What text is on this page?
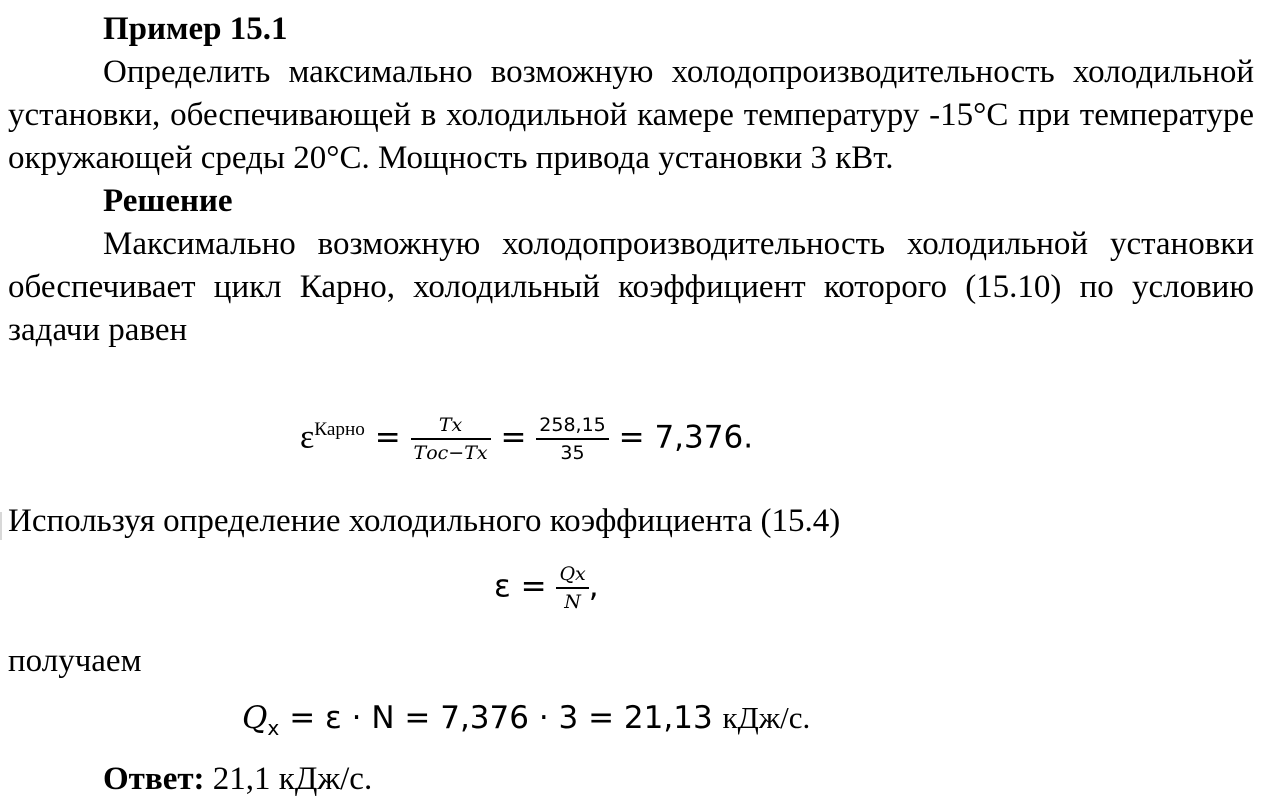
Пример 15.1

Определить максимально возможную холодопроизводительность холодильной установки, обеспечивающей в холодильной камере температуру -15°С при температуре окружающей среды 20°С. Мощность привода установки 3 кВт.

Решение

Максимально возможную холодопроизводительность холодильной установки обеспечивает цикл Карно, холодильный коэффициент которого (15.10) по условию задачи равен

$\varepsilon^{Карно} = \frac{Tх}{\text{Tос−Tх}} = \frac{258,15}{35} = 7,376$.

Используя определение холодильного коэффициента (15.4)

$\varepsilon = \frac{Qх}{N}$ ,

получаем

$Q_х = \varepsilon \cdot N = 7,376 \cdot 3 = 21,13$ кДж/с.

Ответ: 21,1 кДж/с.
